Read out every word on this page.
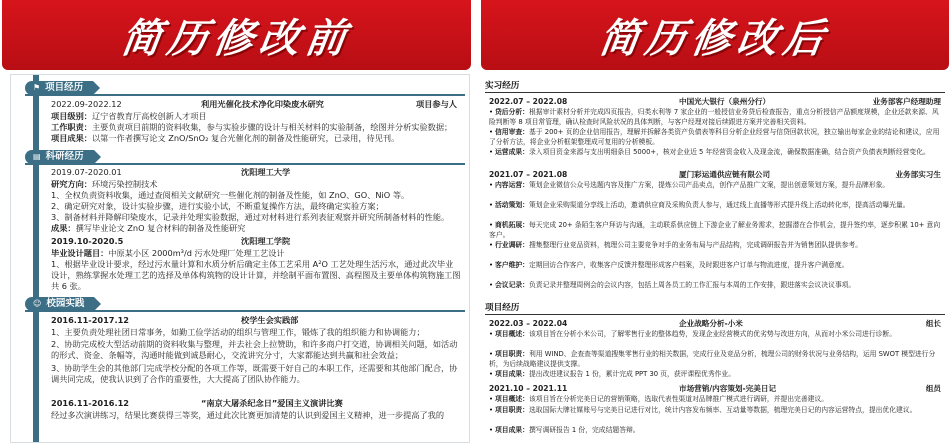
简历修改前
⚑ 项目经历
2022.09-2022.12	利用光催化技术净化印染废水研究	项目参与人
项目级别：辽宁省教育厅高校创新人才项目
工作职责：主要负责项目前期的资料收集，参与实验步骤的设计与相关材料的实验制备，绘图并分析实验数据；
项目成果：以第一作者撰写论文 ZnO/SnO₂ 复合光催化剂的制备及性能研究，已录用，待见刊。
▤ 科研经历
2019.07-2020.01	沈阳理工大学
研究方向：环境污染控制技术
1、全权负责资料收集，通过查阅相关文献研究一些催化剂的制备及性能，如 ZnO、GO、NiO 等。
2、确定研究对象，设计实验步骤，进行实验小试，不断重复操作方法，最终确定实验方案；
3、制备材料并降解印染废水，记录并处理实验数据，通过对材料进行系列表征观察并研究所制备材料的性能。
成果：撰写毕业论文 ZnO 复合材料的制备及性能研究
2019.10-2020.5	沈阳理工学院
毕业设计题目：中原某小区 2000m³/d 污水处理厂处理工艺设计
1、根据毕业设计要求，经过污水量计算和水质分析后确定主体工艺采用 A²O 工艺处理生活污水，通过此次毕业设计，熟练掌握水处理工艺的选择及单体构筑物的设计计算，并绘制平面布置图、高程图及主要单体构筑物施工图共 6 张。
☺ 校园实践
2016.11-2017.12	校学生会实践部
1、主要负责处理社团日常事务，如勤工俭学活动的组织与管理工作，锻炼了我的组织能力和协调能力；
2、协助完成校大型活动前期的资料收集与整理，并去社会上拉赞助，和许多商户打交道，协调相关问题，如活动的形式、资金、条幅等，沟通时能做到诚恳耐心，交流讲究分寸，大家都能达到共赢和社会效益；
3、协助学生会的其他部门完成学校分配的各项工作等，既需要干好自己的本职工作，还需要和其他部门配合，协调共同完成，使我认识到了合作的重要性，大大提高了团队协作能力。
2016.11-2016.12	“南京大屠杀纪念日”爱国主义演讲比赛
经过多次演讲练习，结果比赛获得三等奖，通过此次比赛更加清楚的认识到爱国主义精神，进一步提高了我的
简历修改后
实习经历
2022.07 – 2022.08	中国光大银行（泉州分行）	业务部客户经理助理
• 贷后分析：根据审计素材分析并完成四页报告，归类水利等 7 家企业的一般授信业务贷后检查报告，重点分析授信产品额度规模，企业还款来源、风险判断等 8 项目常管理，确认检查时风险状况的具体判断，与客户经理对接后续跟进方案并完善相关资料。
• 信用审查：基于 200+ 页的企业信用报告，理解并拆解各类资产负债表等科目分析企业经营与信贷回款状况，独立输出每家企业的结论和建议，应用了分析方法，将企业分析框架整理成可复用的分析模板。
• 运营成果：录入项目资金来源与支出明细条目 5000+，核对企业近 5 年经营资金收入及现金流，确保数据准确，结合资产负债表判断经营变化。
2021.07 – 2021.08	厦门彩运通供应链有限公司	业务部实习生
• 内容运营：策划企业微信公众号选题内容及推广方案，提炼公司产品卖点，创作产品推广文案，提出创意策划方案，提升品牌形象。
• 活动策划：策划企业采购渠道分享线上活动，邀请供应商及采购负责人参与，通过线上直播等形式提升线上活动转化率，提高活动曝光量。
• 商机拓展：每天完成 20+ 条陌生客户拜访与沟通，主动联系供应链上下游企业了解业务需求，挖掘潜在合作机会，提升签约率，逐步积累 10+ 意向客户。
• 行业调研：搜集整理行业竞品资料，梳理公司主要竞争对手的业务布局与产品结构，完成调研报告并为销售团队提供参考。
• 客户维护：定期回访合作客户，收集客户反馈并整理形成客户档案，及时跟进客户订单与物流进度，提升客户满意度。
• 会议记录：负责记录并整理周例会的会议内容，包括上周各员工的工作汇报与本周的工作安排，跟进落实会议决议事项。
项目经历
2022.03 – 2022.04	企业战略分析-小米	组长
• 项目概述：该项目旨在分析小米公司，了解零售行业的整体趋势，发现企业经营模式的优劣势与改进方向，从而对小米公司进行诊断。
• 项目职责：利用 WIND、企查查等渠道搜集零售行业的相关数据，完成行业及竞品分析，梳理公司的财务状况与业务结构，运用 SWOT 模型进行分析，为后续战略建议提供支撑。
• 项目成果：提出改进建议报告 1 份，累计完成 PPT 30 页，获评课程优秀作业。
2021.10 – 2021.11	市场营销/内容策划-完美日记	组员
• 项目概述：该项目旨在分析完美日记的营销策略，选取代表性渠道对品牌推广模式进行调研，并提出完善建议。
• 项目职责：选取国际大牌社媒账号与完美日记进行对比，统计内容发布频率、互动量等数据，梳理完美日记的内容运营特点，提出优化建议。
• 项目成果：撰写调研报告 1 份，完成结题答辩。
